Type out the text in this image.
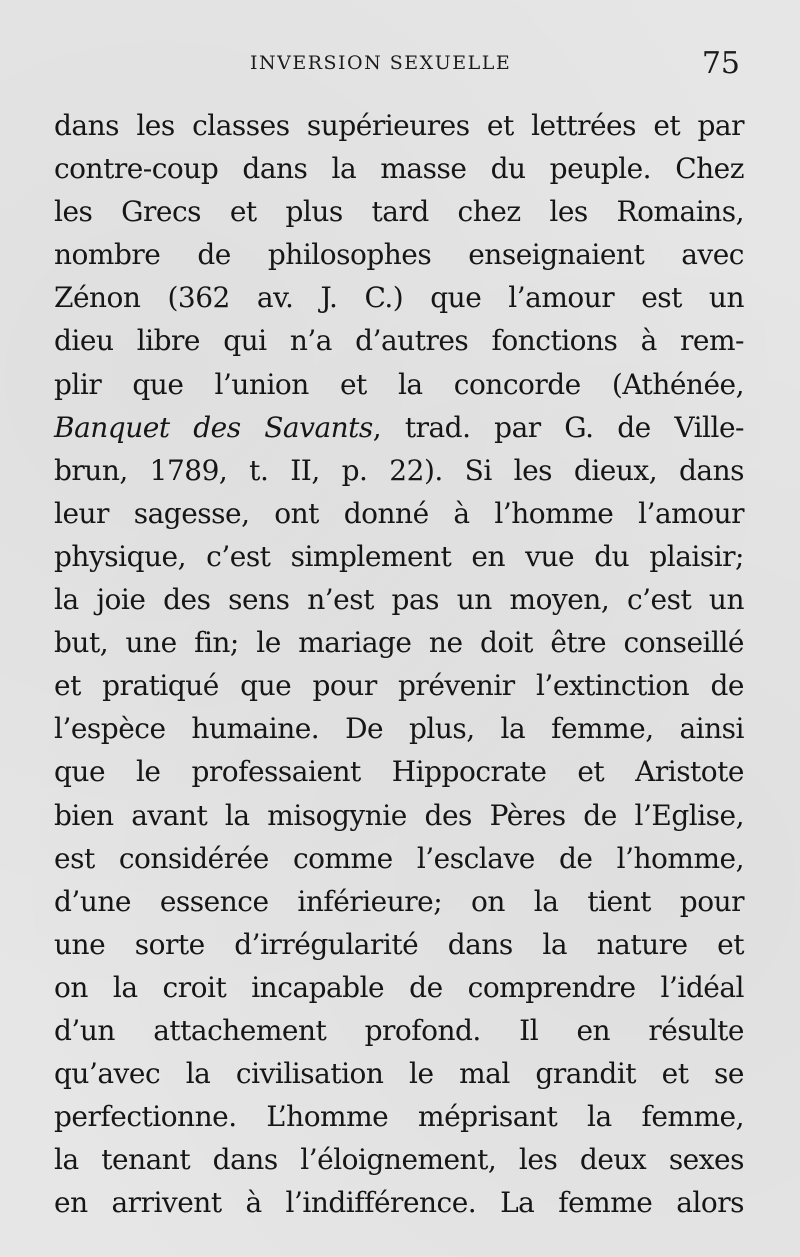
INVERSION SEXUELLE	75
dans les classes supérieures et lettrées et par
contre-coup dans la masse du peuple. Chez
les Grecs et plus tard chez les Romains,
nombre de philosophes enseignaient avec
Zénon (362 av. J. C.) que l’amour est un
dieu libre qui n’a d’autres fonctions à rem-
plir que l’union et la concorde (Athénée,
Banquet des Savants, trad. par G. de Ville-
brun, 1789, t. II, p. 22). Si les dieux, dans
leur sagesse, ont donné à l’homme l’amour
physique, c’est simplement en vue du plaisir;
la joie des sens n’est pas un moyen, c’est un
but, une fin; le mariage ne doit être conseillé
et pratiqué que pour prévenir l’extinction de
l’espèce humaine. De plus, la femme, ainsi
que le professaient Hippocrate et Aristote
bien avant la misogynie des Pères de l’Eglise,
est considérée comme l’esclave de l’homme,
d’une essence inférieure; on la tient pour
une sorte d’irrégularité dans la nature et
on la croit incapable de comprendre l’idéal
d’un attachement profond. Il en résulte
qu’avec la civilisation le mal grandit et se
perfectionne. L’homme méprisant la femme,
la tenant dans l’éloignement, les deux sexes
en arrivent à l’indifférence. La femme alors
